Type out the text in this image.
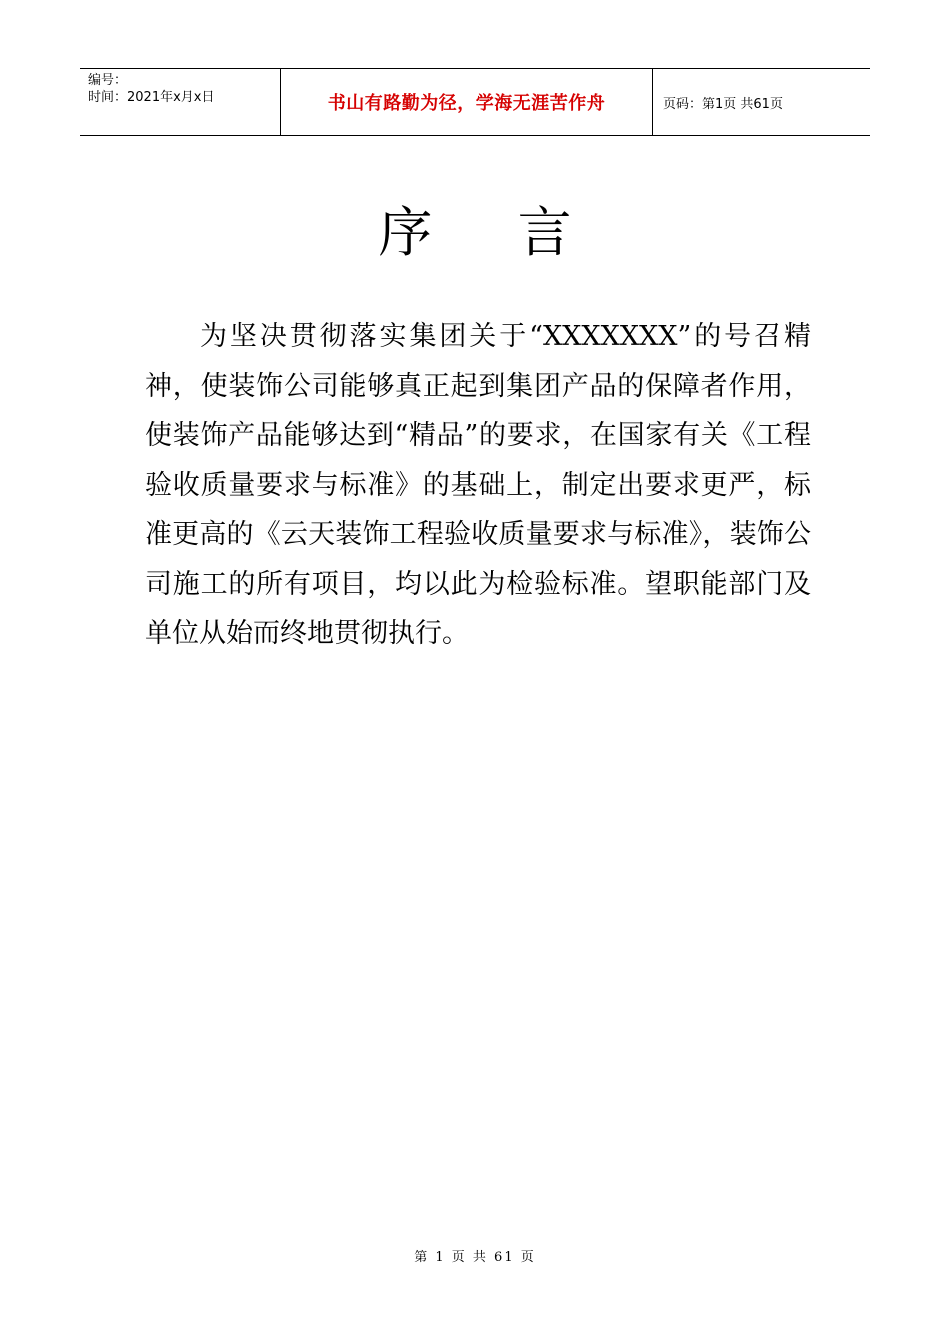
编号：
时间：2021年x月x日	书山有路勤为径，学海无涯苦作舟	页码：第1页 共61页
序 言

为坚决贯彻落实集团关于“XXXXXXX”的号召精神，使装饰公司能够真正起到集团产品的保障者作用，使装饰产品能够达到“精品”的要求，在国家有关《工程验收质量要求与标准》的基础上，制定出要求更严，标准更高的《云天装饰工程验收质量要求与标准》，装饰公司施工的所有项目，均以此为检验标准。望职能部门及单位从始而终地贯彻执行。

第 1 页 共 61 页
